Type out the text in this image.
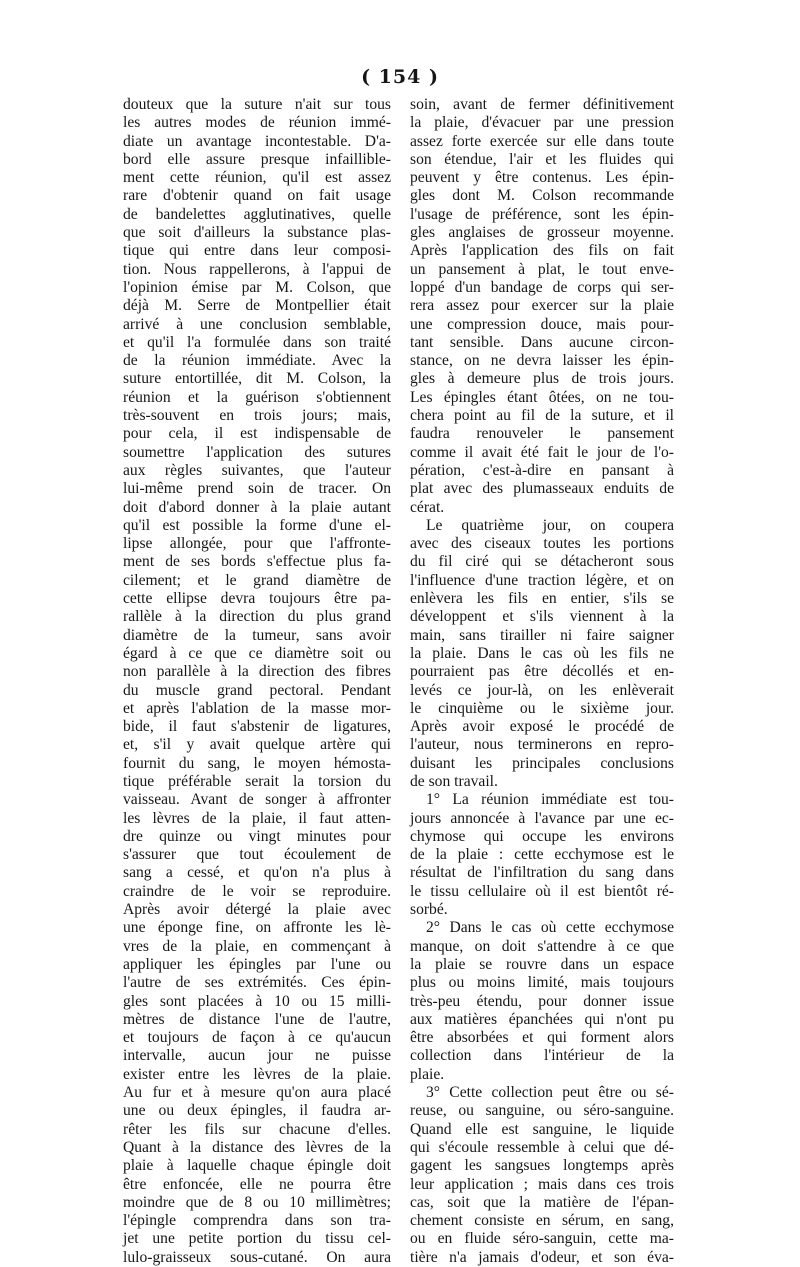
( 154 )
douteux que la suture n'ait sur tous
les autres modes de réunion immé-
diate un avantage incontestable. D'a-
bord elle assure presque infaillible-
ment cette réunion, qu'il est assez
rare d'obtenir quand on fait usage
de bandelettes agglutinatives, quelle
que soit d'ailleurs la substance plas-
tique qui entre dans leur composi-
tion. Nous rappellerons, à l'appui de
l'opinion émise par M. Colson, que
déjà M. Serre de Montpellier était
arrivé à une conclusion semblable,
et qu'il l'a formulée dans son traité
de la réunion immédiate. Avec la
suture entortillée, dit M. Colson, la
réunion et la guérison s'obtiennent
très-souvent en trois jours; mais,
pour cela, il est indispensable de
soumettre l'application des sutures
aux règles suivantes, que l'auteur
lui-même prend soin de tracer. On
doit d'abord donner à la plaie autant
qu'il est possible la forme d'une el-
lipse allongée, pour que l'affronte-
ment de ses bords s'effectue plus fa-
cilement; et le grand diamètre de
cette ellipse devra toujours être pa-
rallèle à la direction du plus grand
diamètre de la tumeur, sans avoir
égard à ce que ce diamètre soit ou
non parallèle à la direction des fibres
du muscle grand pectoral. Pendant
et après l'ablation de la masse mor-
bide, il faut s'abstenir de ligatures,
et, s'il y avait quelque artère qui
fournit du sang, le moyen hémosta-
tique préférable serait la torsion du
vaisseau. Avant de songer à affronter
les lèvres de la plaie, il faut atten-
dre quinze ou vingt minutes pour
s'assurer que tout écoulement de
sang a cessé, et qu'on n'a plus à
craindre de le voir se reproduire.
Après avoir détergé la plaie avec
une éponge fine, on affronte les lè-
vres de la plaie, en commençant à
appliquer les épingles par l'une ou
l'autre de ses extrémités. Ces épin-
gles sont placées à 10 ou 15 milli-
mètres de distance l'une de l'autre,
et toujours de façon à ce qu'aucun
intervalle, aucun jour ne puisse
exister entre les lèvres de la plaie.
Au fur et à mesure qu'on aura placé
une ou deux épingles, il faudra ar-
rêter les fils sur chacune d'elles.
Quant à la distance des lèvres de la
plaie à laquelle chaque épingle doit
être enfoncée, elle ne pourra être
moindre que de 8 ou 10 millimètres;
l'épingle comprendra dans son tra-
jet une petite portion du tissu cel-
lulo-graisseux sous-cutané. On aura
soin, avant de fermer définitivement
la plaie, d'évacuer par une pression
assez forte exercée sur elle dans toute
son étendue, l'air et les fluides qui
peuvent y être contenus. Les épin-
gles dont M. Colson recommande
l'usage de préférence, sont les épin-
gles anglaises de grosseur moyenne.
Après l'application des fils on fait
un pansement à plat, le tout enve-
loppé d'un bandage de corps qui ser-
rera assez pour exercer sur la plaie
une compression douce, mais pour-
tant sensible. Dans aucune circon-
stance, on ne devra laisser les épin-
gles à demeure plus de trois jours.
Les épingles étant ôtées, on ne tou-
chera point au fil de la suture, et il
faudra renouveler le pansement
comme il avait été fait le jour de l'o-
pération, c'est-à-dire en pansant à
plat avec des plumasseaux enduits de
cérat.
Le quatrième jour, on coupera
avec des ciseaux toutes les portions
du fil ciré qui se détacheront sous
l'influence d'une traction légère, et on
enlèvera les fils en entier, s'ils se
développent et s'ils viennent à la
main, sans tirailler ni faire saigner
la plaie. Dans le cas où les fils ne
pourraient pas être décollés et en-
levés ce jour-là, on les enlèverait
le cinquième ou le sixième jour.
Après avoir exposé le procédé de
l'auteur, nous terminerons en repro-
duisant les principales conclusions
de son travail.
1° La réunion immédiate est tou-
jours annoncée à l'avance par une ec-
chymose qui occupe les environs
de la plaie : cette ecchymose est le
résultat de l'infiltration du sang dans
le tissu cellulaire où il est bientôt ré-
sorbé.
2° Dans le cas où cette ecchymose
manque, on doit s'attendre à ce que
la plaie se rouvre dans un espace
plus ou moins limité, mais toujours
très-peu étendu, pour donner issue
aux matières épanchées qui n'ont pu
être absorbées et qui forment alors
collection dans l'intérieur de la
plaie.
3° Cette collection peut être ou sé-
reuse, ou sanguine, ou séro-sanguine.
Quand elle est sanguine, le liquide
qui s'écoule ressemble à celui que dé-
gagent les sangsues longtemps après
leur application ; mais dans ces trois
cas, soit que la matière de l'épan-
chement consiste en sérum, en sang,
ou en fluide séro-sanguin, cette ma-
tière n'a jamais d'odeur, et son éva-
